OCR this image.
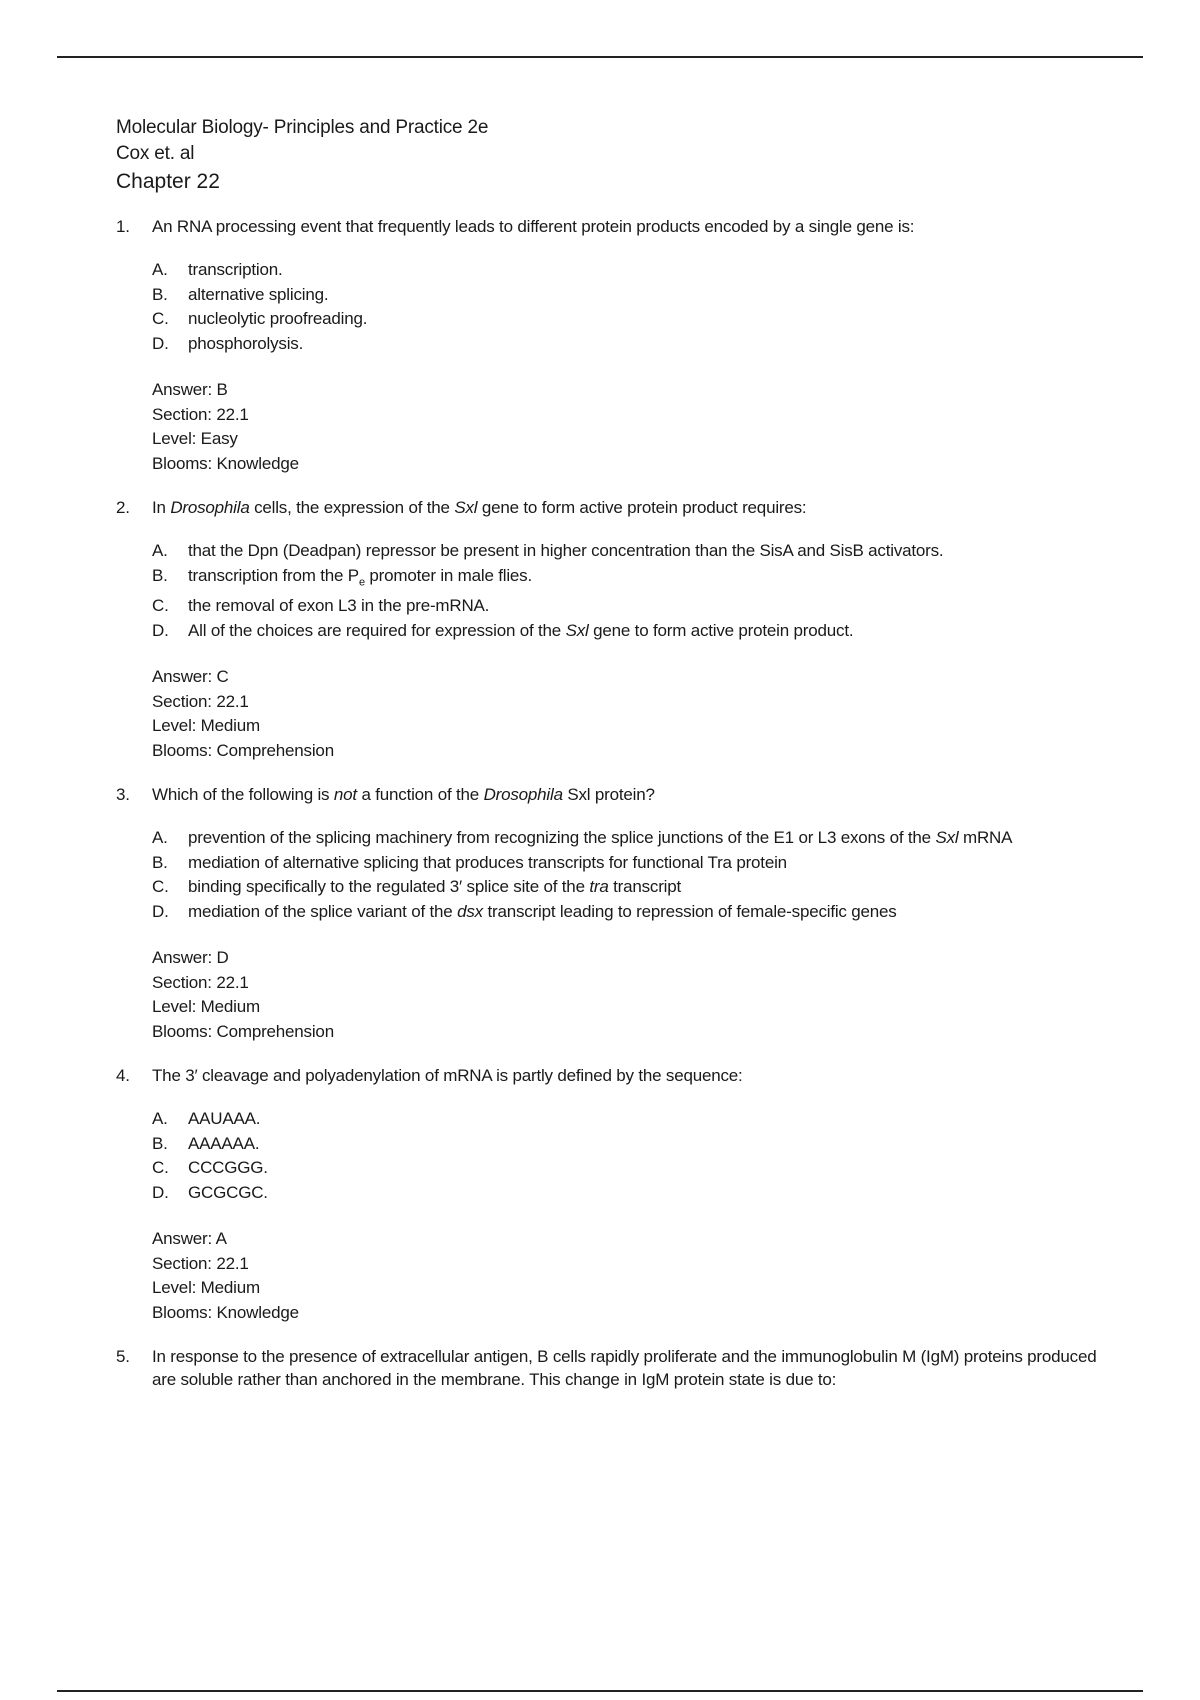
Molecular Biology- Principles and Practice 2e
Cox et. al
Chapter 22
1.	An RNA processing event that frequently leads to different protein products encoded by a single gene is:
A.	transcription.
B.	alternative splicing.
C.	nucleolytic proofreading.
D.	phosphorolysis.
Answer: B
Section: 22.1
Level: Easy
Blooms: Knowledge
2.	In Drosophila cells, the expression of the Sxl gene to form active protein product requires:
A.	that the Dpn (Deadpan) repressor be present in higher concentration than the SisA and SisB activators.
B.	transcription from the $P_e$ promoter in male flies.
C.	the removal of exon L3 in the pre-mRNA.
D.	All of the choices are required for expression of the Sxl gene to form active protein product.
Answer: C
Section: 22.1
Level: Medium
Blooms: Comprehension
3.	Which of the following is not a function of the Drosophila Sxl protein?
A.	prevention of the splicing machinery from recognizing the splice junctions of the E1 or L3 exons of the Sxl mRNA
B.	mediation of alternative splicing that produces transcripts for functional Tra protein
C.	binding specifically to the regulated 3′ splice site of the tra transcript
D.	mediation of the splice variant of the dsx transcript leading to repression of female-specific genes
Answer: D
Section: 22.1
Level: Medium
Blooms: Comprehension
4.	The 3′ cleavage and polyadenylation of mRNA is partly defined by the sequence:
A.	AAUAAA.
B.	AAAAAA.
C.	CCCGGG.
D.	GCGCGC.
Answer: A
Section: 22.1
Level: Medium
Blooms: Knowledge
5.	In response to the presence of extracellular antigen, B cells rapidly proliferate and the immunoglobulin M (IgM) proteins produced are soluble rather than anchored in the membrane. This change in IgM protein state is due to:
